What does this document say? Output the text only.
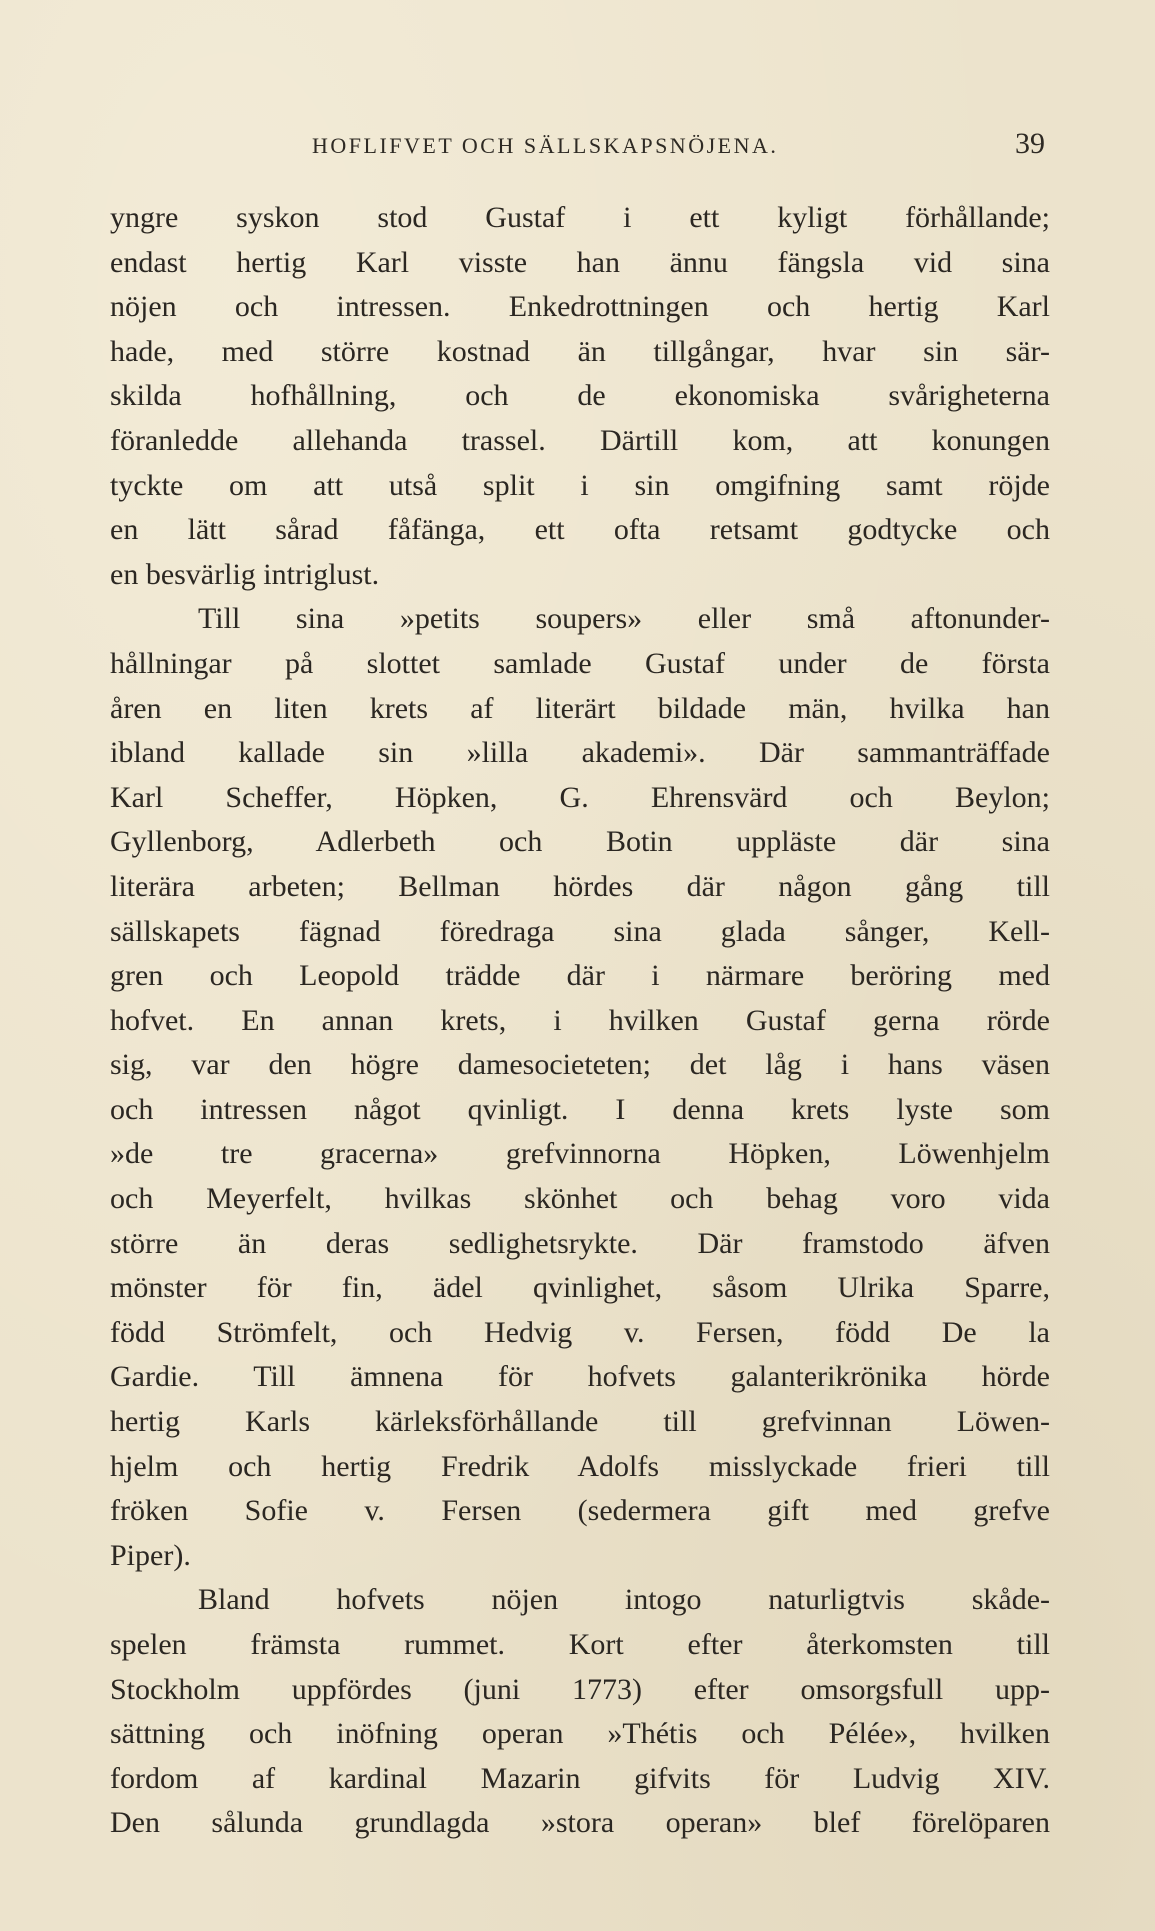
HOFLIFVET OCH SÄLLSKAPSNÖJENA.	39
yngre syskon stod Gustaf i ett kyligt förhållande;
endast hertig Karl visste han ännu fängsla vid sina
nöjen och intressen. Enkedrottningen och hertig Karl
hade, med större kostnad än tillgångar, hvar sin sär-
skilda hofhållning, och de ekonomiska svårigheterna
föranledde allehanda trassel. Därtill kom, att konungen
tyckte om att utså split i sin omgifning samt röjde
en lätt sårad fåfänga, ett ofta retsamt godtycke och
en besvärlig intriglust.
Till sina »petits soupers» eller små aftonunder-
hållningar på slottet samlade Gustaf under de första
åren en liten krets af literärt bildade män, hvilka han
ibland kallade sin »lilla akademi». Där sammanträffade
Karl Scheffer, Höpken, G. Ehrensvärd och Beylon;
Gyllenborg, Adlerbeth och Botin uppläste där sina
literära arbeten; Bellman hördes där någon gång till
sällskapets fägnad föredraga sina glada sånger, Kell-
gren och Leopold trädde där i närmare beröring med
hofvet. En annan krets, i hvilken Gustaf gerna rörde
sig, var den högre damesocieteten; det låg i hans väsen
och intressen något qvinligt. I denna krets lyste som
»de tre gracerna» grefvinnorna Höpken, Löwenhjelm
och Meyerfelt, hvilkas skönhet och behag voro vida
större än deras sedlighetsrykte. Där framstodo äfven
mönster för fin, ädel qvinlighet, såsom Ulrika Sparre,
född Strömfelt, och Hedvig v. Fersen, född De la
Gardie. Till ämnena för hofvets galanterikrönika hörde
hertig Karls kärleksförhållande till grefvinnan Löwen-
hjelm och hertig Fredrik Adolfs misslyckade frieri till
fröken Sofie v. Fersen (sedermera gift med grefve
Piper).
Bland hofvets nöjen intogo naturligtvis skåde-
spelen främsta rummet. Kort efter återkomsten till
Stockholm uppfördes (juni 1773) efter omsorgsfull upp-
sättning och inöfning operan »Thétis och Pélée», hvilken
fordom af kardinal Mazarin gifvits för Ludvig XIV.
Den sålunda grundlagda »stora operan» blef förelöparen
